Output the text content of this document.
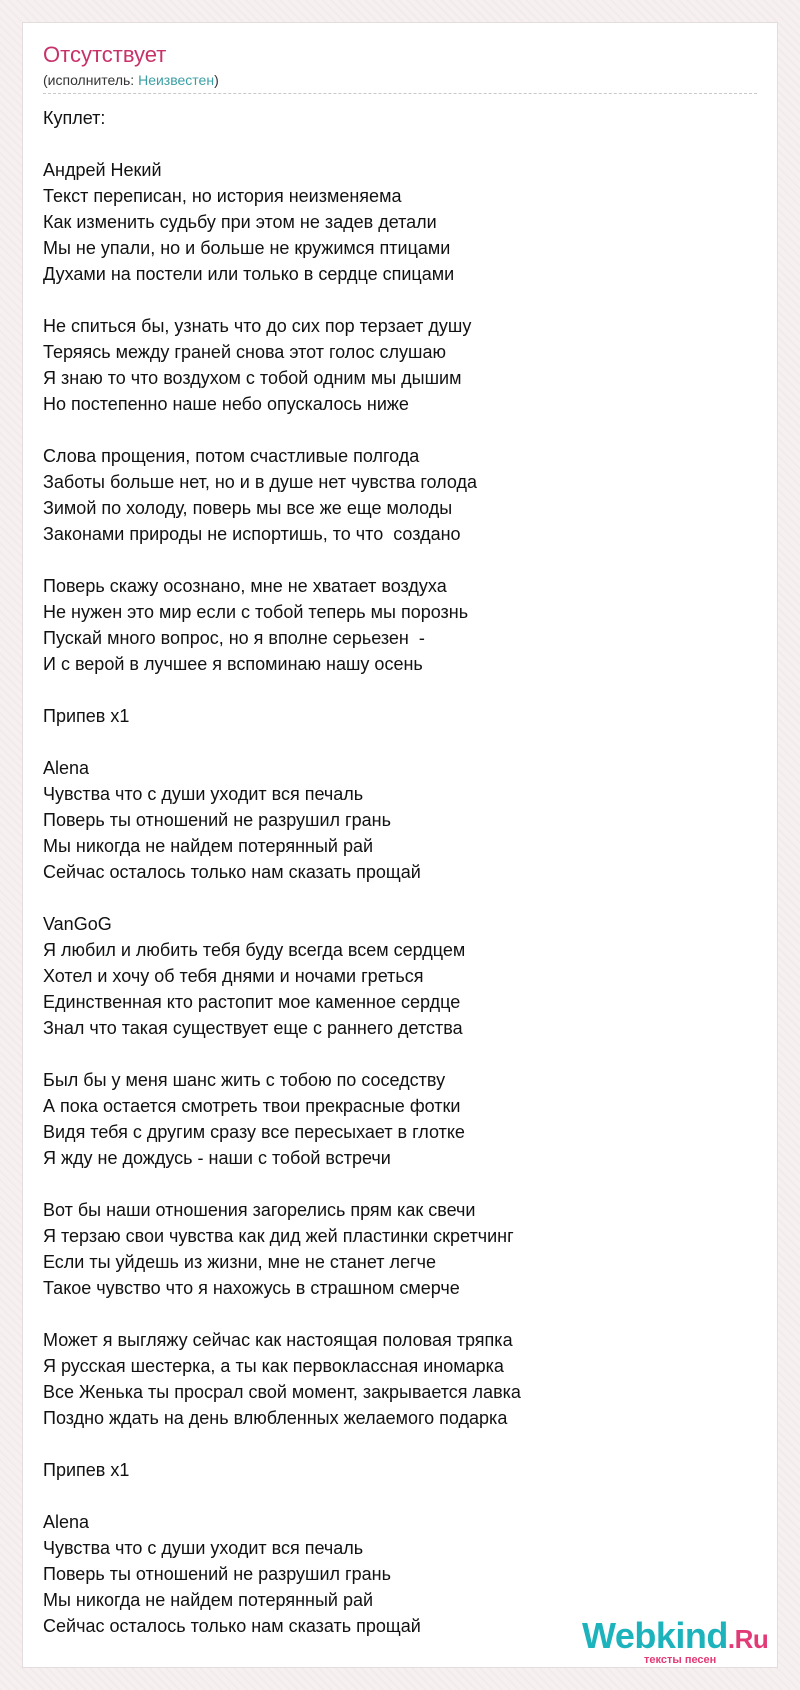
Отсутствует
(исполнитель: Неизвестен)
Куплет:
Андрей Некий
Текст переписан, но история неизменяема
Как изменить судьбу при этом не задев детали
Мы не упали, но и больше не кружимся птицами
Духами на постели или только в сердце спицами
Не спиться бы, узнать что до сих пор терзает душу
Теряясь между граней снова этот голос слушаю
Я знаю то что воздухом с тобой одним мы дышим
Но постепенно наше небо опускалось ниже
Слова прощения, потом счастливые полгода
Заботы больше нет, но и в душе нет чувства голода
Зимой по холоду, поверь мы все же еще молоды
Законами природы не испортишь, то что  создано
Поверь скажу осознано, мне не хватает воздуха
Не нужен это мир если с тобой теперь мы порознь
Пускай много вопрос, но я вполне серьезен  -
И с верой в лучшее я вспоминаю нашу осень
Припев х1
Alena
Чувства что с души уходит вся печаль
Поверь ты отношений не разрушил грань
Мы никогда не найдем потерянный рай
Сейчас осталось только нам сказать прощай
VanGoG
Я любил и любить тебя буду всегда всем сердцем
Хотел и хочу об тебя днями и ночами греться
Единственная кто растопит мое каменное сердце
Знал что такая существует еще с раннего детства
Был бы у меня шанс жить с тобою по соседству
А пока остается смотреть твои прекрасные фотки
Видя тебя с другим сразу все пересыхает в глотке
Я жду не дождусь - наши с тобой встречи
Вот бы наши отношения загорелись прям как свечи
Я терзаю свои чувства как дид жей пластинки скретчинг
Если ты уйдешь из жизни, мне не станет легче
Такое чувство что я нахожусь в страшном смерче
Может я выгляжу сейчас как настоящая половая тряпка
Я русская шестерка, а ты как первоклассная иномарка
Все Женька ты просрал свой момент, закрывается лавка
Поздно ждать на день влюбленных желаемого подарка
Припев х1
Alena
Чувства что с души уходит вся печаль
Поверь ты отношений не разрушил грань
Мы никогда не найдем потерянный рай
Сейчас осталось только нам сказать прощай	Webkind.Ru
тексты песен
